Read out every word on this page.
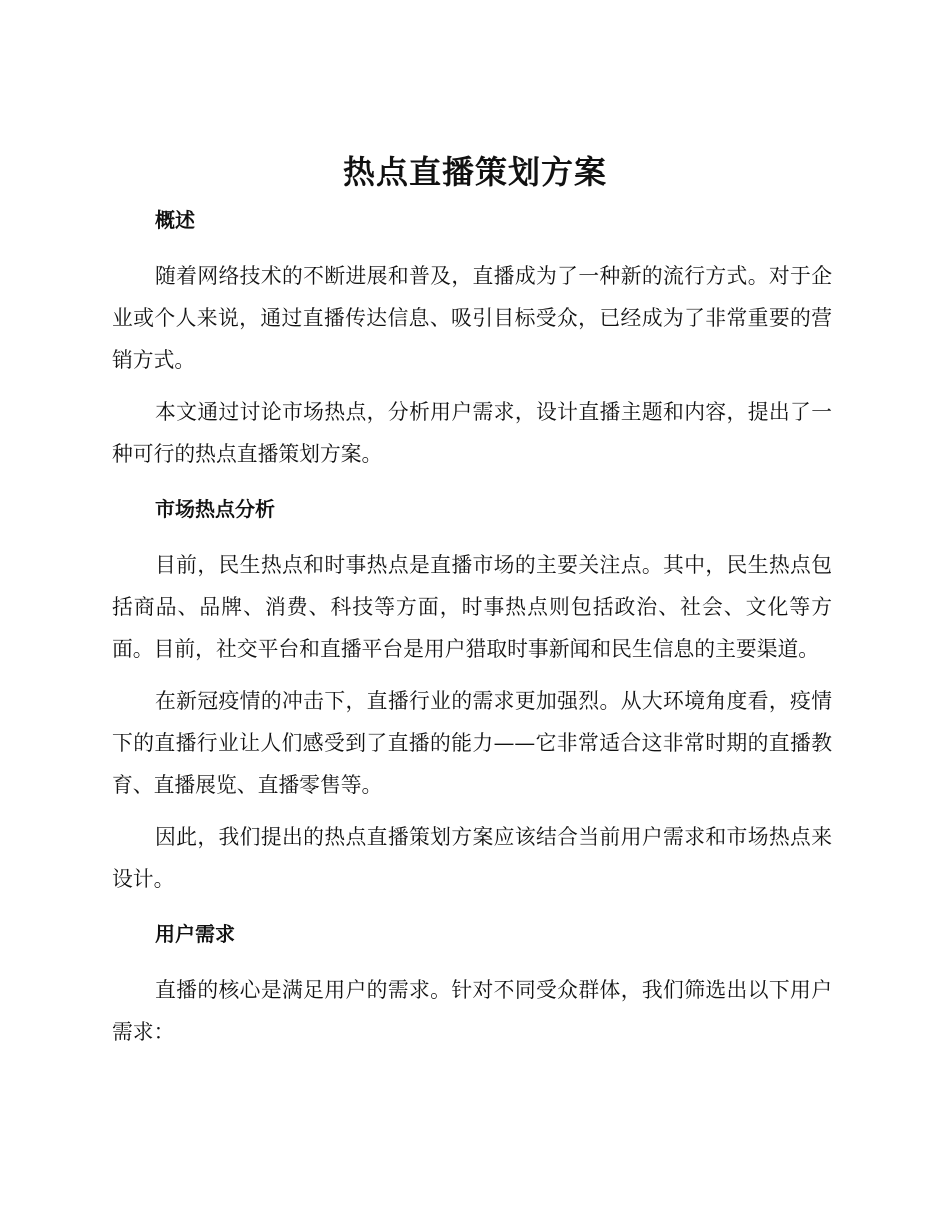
热点直播策划方案
概述

随着网络技术的不断进展和普及，直播成为了一种新的流行方式。对于企业或个人来说，通过直播传达信息、吸引目标受众，已经成为了非常重要的营销方式。

本文通过讨论市场热点，分析用户需求，设计直播主题和内容，提出了一种可行的热点直播策划方案。

市场热点分析

目前，民生热点和时事热点是直播市场的主要关注点。其中，民生热点包括商品、品牌、消费、科技等方面，时事热点则包括政治、社会、文化等方面。目前，社交平台和直播平台是用户猎取时事新闻和民生信息的主要渠道。

在新冠疫情的冲击下，直播行业的需求更加强烈。从大环境角度看，疫情下的直播行业让人们感受到了直播的能力——它非常适合这非常时期的直播教育、直播展览、直播零售等。

因此，我们提出的热点直播策划方案应该结合当前用户需求和市场热点来设计。

用户需求

直播的核心是满足用户的需求。针对不同受众群体，我们筛选出以下用户需求：
